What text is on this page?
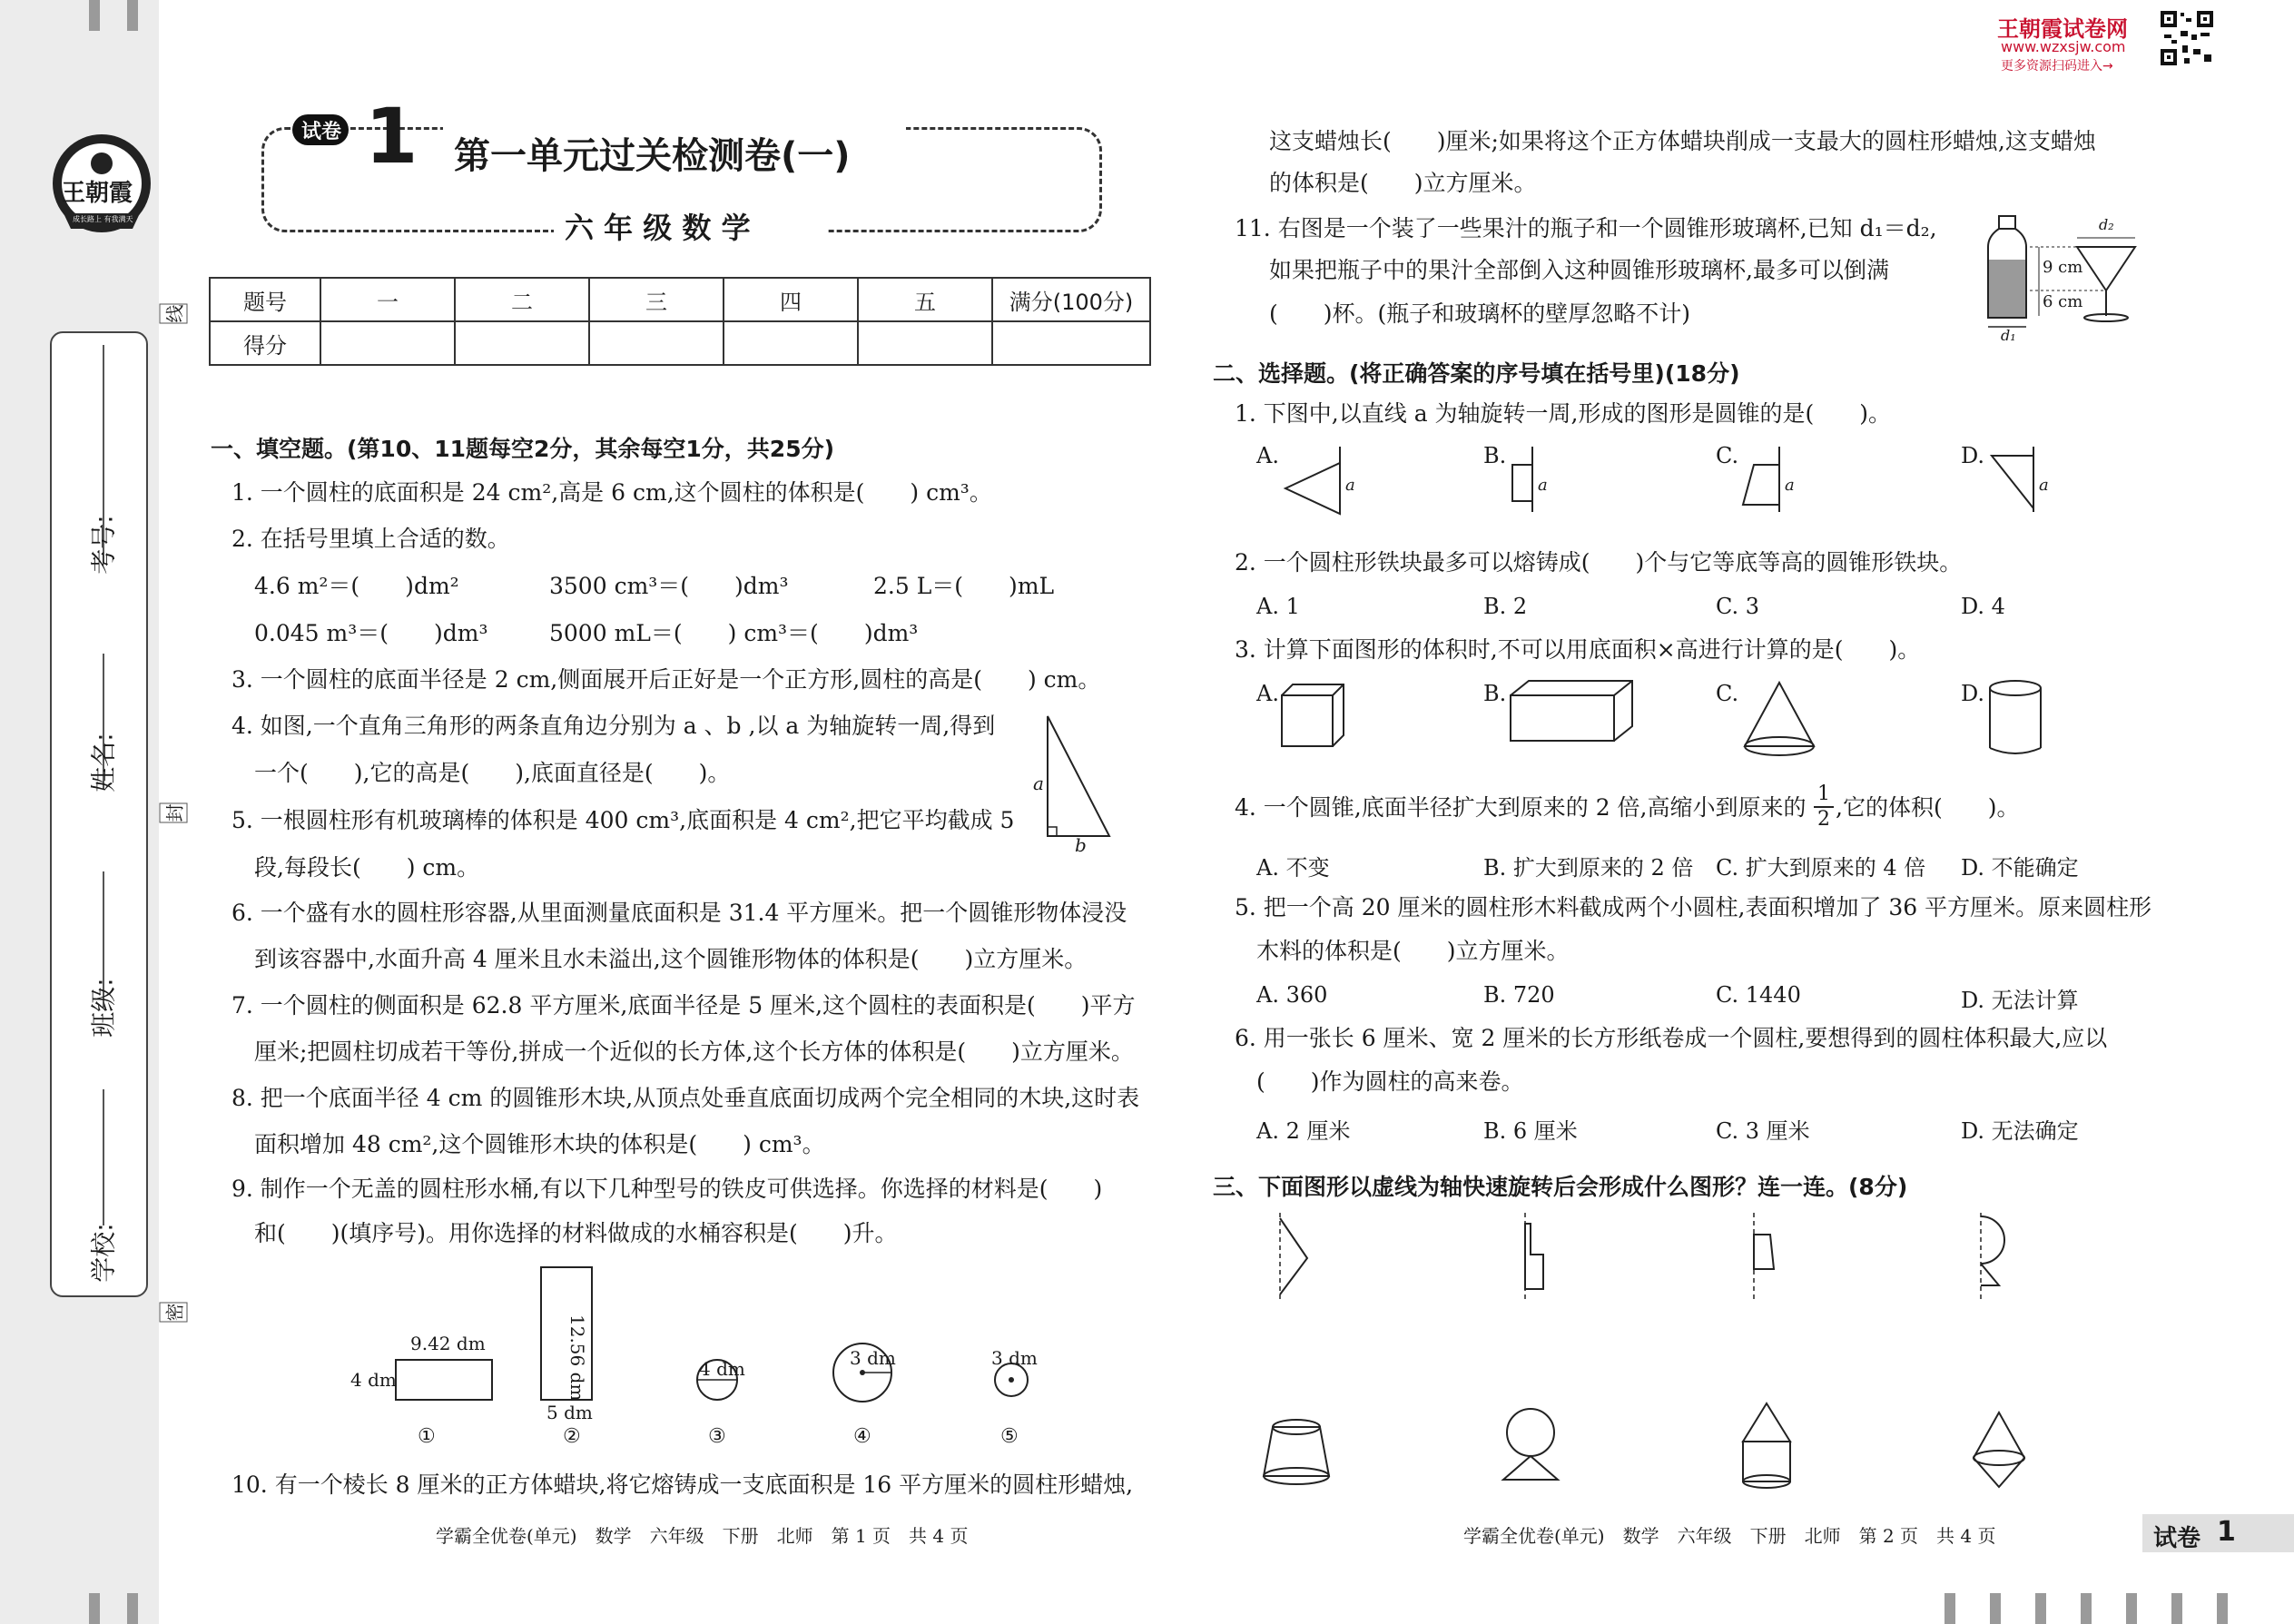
王朝霞
成长路上 有我满天
学校:
班级:
姓名:
考号:
线
封
密
试卷 1 第一单元过关检测卷(一)
六 年 级 数 学
王朝霞试卷网
www.wzxsjw.com
更多资源扫码进入→
题号	一	二	三	四	五	满分(100分)
得分						
一、填空题。(第10、11题每空2分，其余每空1分，共25分)
1. 一个圆柱的底面积是 24 cm²,高是 6 cm,这个圆柱的体积是(　　) cm³。
2. 在括号里填上合适的数。
4.6 m²＝(　　)dm²	3500 cm³＝(　　)dm³	2.5 L＝(　　)mL
0.045 m³＝(　　)dm³	5000 mL＝(　　) cm³＝(　　)dm³
3. 一个圆柱的底面半径是 2 cm,侧面展开后正好是一个正方形,圆柱的高是(　　) cm。
4. 如图,一个直角三角形的两条直角边分别为 a 、b ,以 a 为轴旋转一周,得到
一个(　　),它的高是(　　),底面直径是(　　)。
5. 一根圆柱形有机玻璃棒的体积是 400 cm³,底面积是 4 cm²,把它平均截成 5
段,每段长(　　) cm。
a
b
6. 一个盛有水的圆柱形容器,从里面测量底面积是 31.4 平方厘米。把一个圆锥形物体浸没
到该容器中,水面升高 4 厘米且水未溢出,这个圆锥形物体的体积是(　　)立方厘米。
7. 一个圆柱的侧面积是 62.8 平方厘米,底面半径是 5 厘米,这个圆柱的表面积是(　　)平方
厘米;把圆柱切成若干等份,拼成一个近似的长方体,这个长方体的体积是(　　)立方厘米。
8. 把一个底面半径 4 cm 的圆锥形木块,从顶点处垂直底面切成两个完全相同的木块,这时表
面积增加 48 cm²,这个圆锥形木块的体积是(　　) cm³。
9. 制作一个无盖的圆柱形水桶,有以下几种型号的铁皮可供选择。你选择的材料是(　　)
和(　　)(填序号)。用你选择的材料做成的水桶容积是(　　)升。
9.42 dm
4 dm
5 dm
12.56 dm	4 dm	3 dm	3 dm
①	②	③	④	⑤
10. 有一个棱长 8 厘米的正方体蜡块,将它熔铸成一支底面积是 16 平方厘米的圆柱形蜡烛,
学霸全优卷(单元)　数学　六年级　下册　北师　第 1 页　共 4 页
这支蜡烛长(　　)厘米;如果将这个正方体蜡块削成一支最大的圆柱形蜡烛,这支蜡烛
的体积是(　　)立方厘米。
11. 右图是一个装了一些果汁的瓶子和一个圆锥形玻璃杯,已知 d₁＝d₂,
如果把瓶子中的果汁全部倒入这种圆锥形玻璃杯,最多可以倒满
(　　)杯。(瓶子和玻璃杯的壁厚忽略不计)
d₁
d₂
9 cm
6 cm
二、选择题。(将正确答案的序号填在括号里)(18分)
1. 下图中,以直线 a 为轴旋转一周,形成的图形是圆锥的是(　　)。
A.	B.	C.	D.
a	a	a	a
2. 一个圆柱形铁块最多可以熔铸成(　　)个与它等底等高的圆锥形铁块。
A. 1	B. 2	C. 3	D. 4
3. 计算下面图形的体积时,不可以用底面积×高进行计算的是(　　)。
A.	B.	C.	D.
4. 一个圆锥,底面半径扩大到原来的 2 倍,高缩小到原来的 $\frac{1}{2}$ ,它的体积(　　)。
A. 不变	B. 扩大到原来的 2 倍 C. 扩大到原来的 4 倍 D. 不能确定
5. 把一个高 20 厘米的圆柱形木料截成两个小圆柱,表面积增加了 36 平方厘米。原来圆柱形
木料的体积是(　　)立方厘米。
A. 360	B. 720	C. 1440	D. 无法计算
6. 用一张长 6 厘米、宽 2 厘米的长方形纸卷成一个圆柱,要想得到的圆柱体积最大,应以
(　　)作为圆柱的高来卷。
A. 2 厘米	B. 6 厘米	C. 3 厘米	D. 无法确定
三、下面图形以虚线为轴快速旋转后会形成什么图形？连一连。(8分)
学霸全优卷(单元)　数学　六年级　下册　北师　第 2 页　共 4 页	试卷 1
